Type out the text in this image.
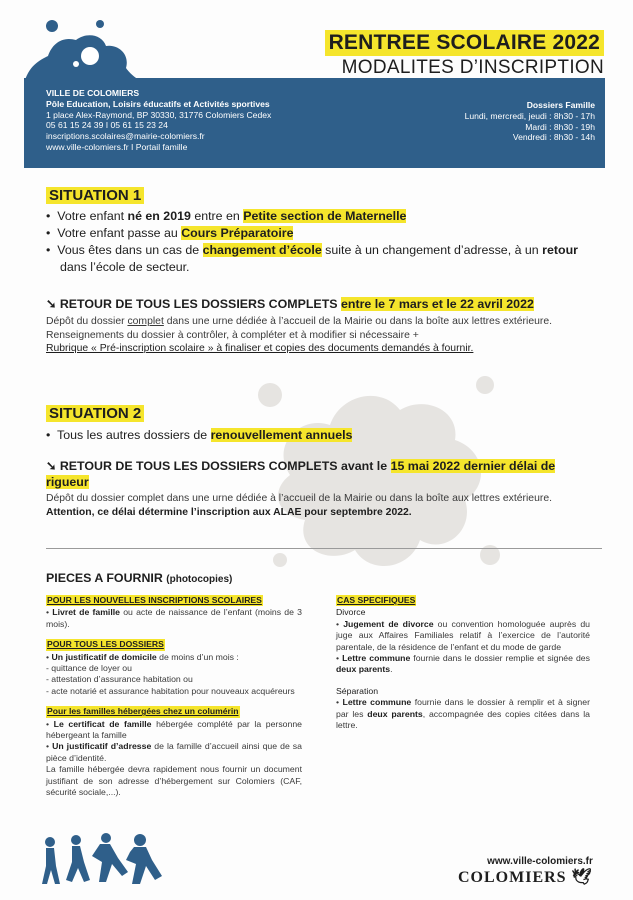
RENTREE SCOLAIRE 2022
MODALITES D’INSCRIPTION
VILLE DE COLOMIERS
Pôle Education, Loisirs éducatifs et Activités sportives
1 place Alex-Raymond, BP 30330, 31776 Colomiers Cedex
05 61 15 24 39 I 05 61 15 23 24
inscriptions.scolaires@mairie-colomiers.fr
www.ville-colomiers.fr I Portail famille
Dossiers Famille
Lundi, mercredi, jeudi : 8h30 - 17h
Mardi : 8h30 - 19h
Vendredi : 8h30 - 14h
SITUATION 1
•  Votre enfant né en 2019 entre en Petite section de Maternelle
•  Votre enfant passe au Cours Préparatoire
•  Vous êtes dans un cas de changement d’école suite à un changement d’adresse, à un retour dans l’école de secteur.
➘ RETOUR DE TOUS LES DOSSIERS COMPLETS entre le 7 mars et le 22 avril 2022
Dépôt du dossier complet dans une urne dédiée à l’accueil de la Mairie ou dans la boîte aux lettres extérieure.
Renseignements du dossier à contrôler, à compléter et à modifier si nécessaire +
Rubrique « Pré-inscription scolaire » à finaliser et copies des documents demandés à fournir.
SITUATION 2
•  Tous les autres dossiers de renouvellement annuels
➘ RETOUR DE TOUS LES DOSSIERS COMPLETS avant le 15 mai 2022 dernier délai de rigueur
Dépôt du dossier complet dans une urne dédiée à l’accueil de la Mairie ou dans la boîte aux lettres extérieure. Attention, ce délai détermine l’inscription aux ALAE pour septembre 2022.
PIECES A FOURNIR (photocopies)
POUR LES NOUVELLES INSCRIPTIONS SCOLAIRES
• Livret de famille ou acte de naissance de l’enfant (moins de 3 mois).
POUR TOUS LES DOSSIERS
• Un justificatif de domicile de moins d’un mois :
- quittance de loyer ou
- attestation d’assurance habitation ou
- acte notarié et assurance habitation pour nouveaux acquéreurs
Pour les familles hébergées chez un columérin
• Le certificat de famille hébergée complété par la personne hébergeant la famille
• Un justificatif d’adresse de la famille d’accueil ainsi que de sa pièce d’identité.
La famille hébergée devra rapidement nous fournir un document justifiant de son adresse d’hébergement sur Colomiers (CAF, sécurité sociale,...).
CAS SPECIFIQUES
Divorce
• Jugement de divorce ou convention homologuée auprès du juge aux Affaires Familiales relatif à l’exercice de l’autorité parentale, de la résidence de l’enfant et du mode de garde
• Lettre commune fournie dans le dossier remplie et signée des deux parents.
Séparation
• Lettre commune fournie dans le dossier à remplir et à signer par les deux parents, accompagnée des copies citées dans la lettre.
www.ville-colomiers.fr
COLOMIERS 🕊
